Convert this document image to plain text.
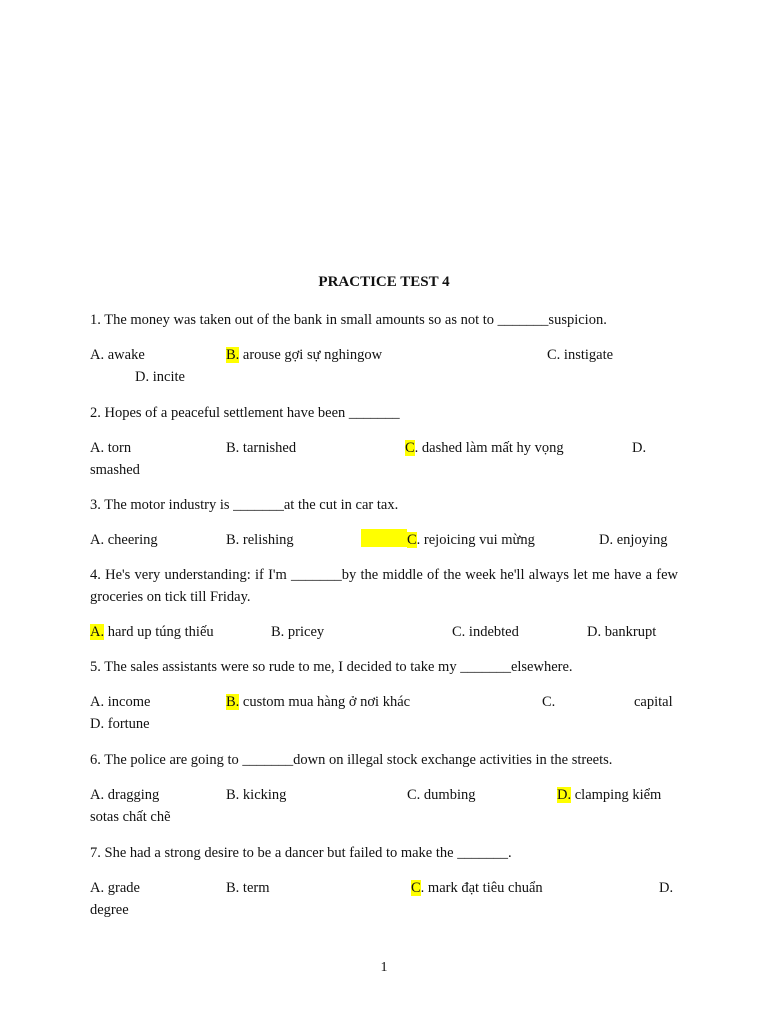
PRACTICE TEST 4

1. The money was taken out of the bank in small amounts so as not to _______suspicion.

A. awake	B. arouse gợi sự nghingow	C. instigate
D. incite

2. Hopes of a peaceful settlement have been _______

A. torn	B. tarnished	C. dashed làm mất hy vọng	D.
smashed

3. The motor industry is _______at the cut in car tax.

A. cheering	B. relishing	C. rejoicing vui mừng	D. enjoying

4. He's very understanding: if I'm _______by the middle of the week he'll always let me have a few groceries on tick till Friday.

A. hard up túng thiếu	B. pricey	C. indebted	D. bankrupt

5. The sales assistants were so rude to me, I decided to take my _______elsewhere.

A. income	B. custom mua hàng ở nơi khác	C.	capital
D. fortune

6. The police are going to _______down on illegal stock exchange activities in the streets.

A. dragging	B. kicking	C. dumbing	D. clamping kiểm
sotas chất chẽ

7. She had a strong desire to be a dancer but failed to make the _______.

A. grade	B. term	C. mark đạt tiêu chuẩn	D.
degree
1
